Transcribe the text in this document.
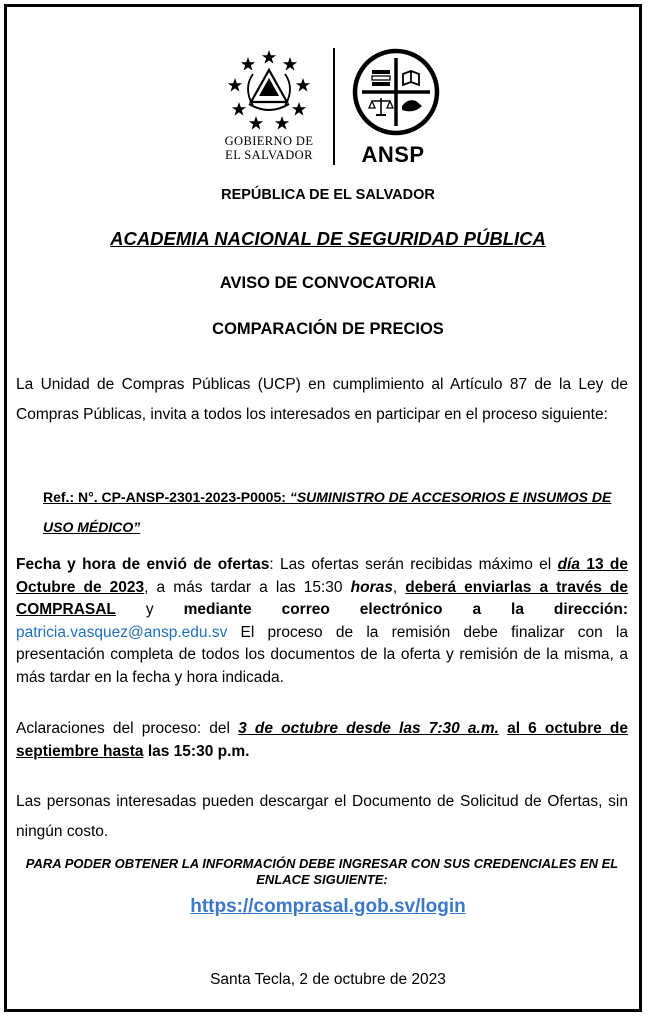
GOBIERNO DE
EL SALVADOR	ANSP
REPÚBLICA DE EL SALVADOR
ACADEMIA NACIONAL DE SEGURIDAD PÚBLICA
AVISO DE CONVOCATORIA
COMPARACIÓN DE PRECIOS
La Unidad de Compras Públicas (UCP) en cumplimiento al Artículo 87 de la Ley de Compras Públicas, invita a todos los interesados en participar en el proceso siguiente:
Ref.: N°. CP-ANSP-2301-2023-P0005: “SUMINISTRO DE ACCESORIOS E INSUMOS DE USO MÉDICO”
Fecha y hora de envió de ofertas: Las ofertas serán recibidas máximo el día 13 de Octubre de 2023, a más tardar a las 15:30 horas, deberá enviarlas a través de COMPRASAL y mediante correo electrónico a la dirección: patricia.vasquez@ansp.edu.sv El proceso de la remisión debe finalizar con la presentación completa de todos los documentos de la oferta y remisión de la misma, a más tardar en la fecha y hora indicada.
Aclaraciones del proceso: del 3 de octubre desde las 7:30 a.m. al 6 octubre de septiembre hasta las 15:30 p.m.
Las personas interesadas pueden descargar el Documento de Solicitud de Ofertas, sin ningún costo.
PARA PODER OBTENER LA INFORMACIÓN DEBE INGRESAR CON SUS CREDENCIALES EN EL ENLACE SIGUIENTE:
https://comprasal.gob.sv/login
Santa Tecla, 2 de octubre de 2023
